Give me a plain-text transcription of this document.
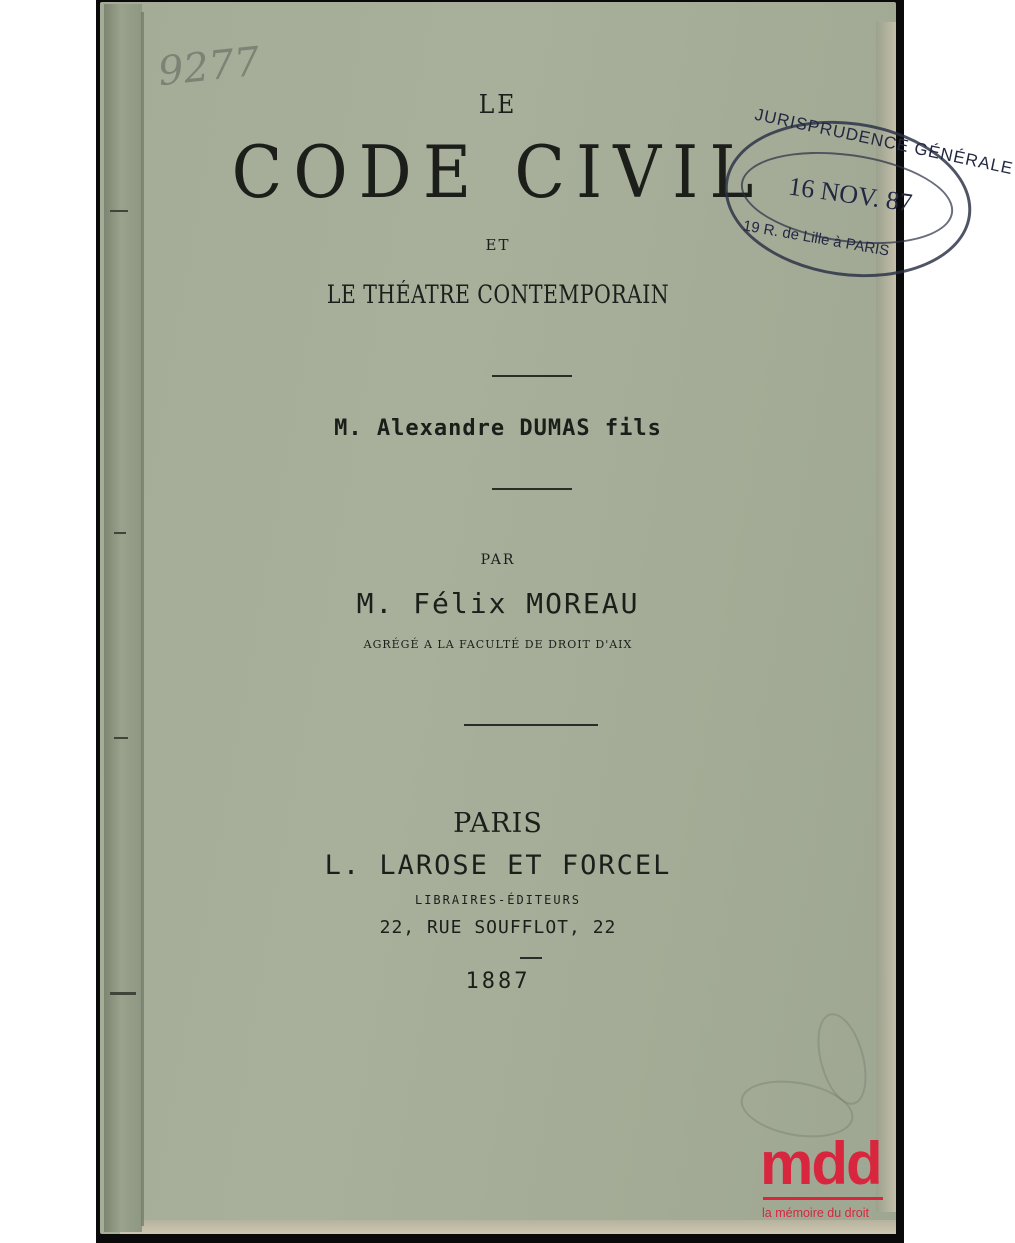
9277
LE
CODE CIVIL
ET
LE THÉATRE CONTEMPORAIN
M. Alexandre DUMAS fils
PAR
M. Félix MOREAU
AGRÉGÉ A LA FACULTÉ DE DROIT D'AIX
PARIS
L. LAROSE ET FORCEL
LIBRAIRES-ÉDITEURS
22, RUE SOUFFLOT, 22
1887
JURISPRUDENCE GÉNÉRALE
16 NOV. 87
19 R. de Lille à PARIS
mdd
la mémoire du droit
